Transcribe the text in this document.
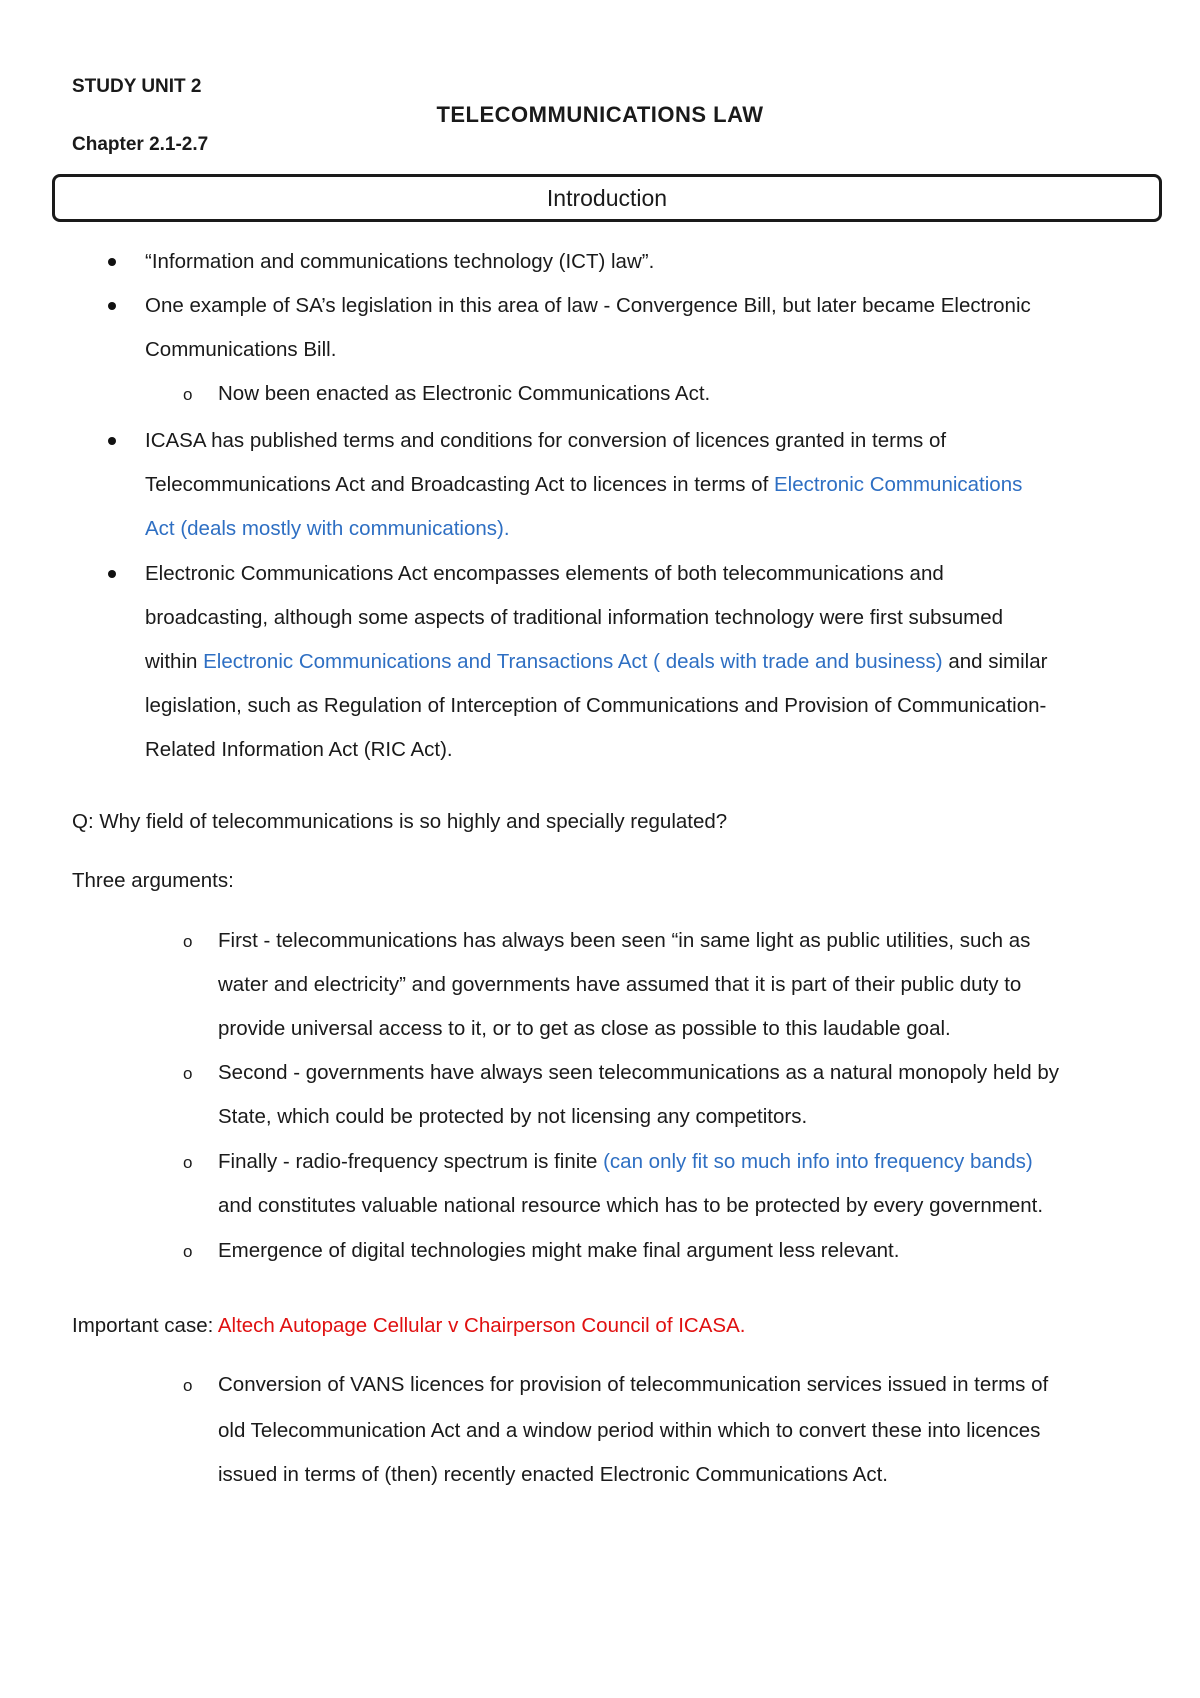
STUDY UNIT 2
TELECOMMUNICATIONS LAW
Chapter 2.1-2.7
Introduction
“Information and communications technology (ICT) law”.
One example of SA’s legislation in this area of law - Convergence Bill, but later became Electronic
Communications Bill.
o Now been enacted as Electronic Communications Act.
ICASA has published terms and conditions for conversion of licences granted in terms of
Telecommunications Act and Broadcasting Act to licences in terms of Electronic Communications
Act (deals mostly with communications).
Electronic Communications Act encompasses elements of both telecommunications and
broadcasting, although some aspects of traditional information technology were first subsumed
within Electronic Communications and Transactions Act ( deals with trade and business) and similar
legislation, such as Regulation of Interception of Communications and Provision of Communication-
Related Information Act (RIC Act).
Q: Why field of telecommunications is so highly and specially regulated?
Three arguments:
o First - telecommunications has always been seen “in same light as public utilities, such as
water and electricity” and governments have assumed that it is part of their public duty to
provide universal access to it, or to get as close as possible to this laudable goal.
o Second - governments have always seen telecommunications as a natural monopoly held by
State, which could be protected by not licensing any competitors.
o Finally - radio-frequency spectrum is finite (can only fit so much info into frequency bands)
and constitutes valuable national resource which has to be protected by every government.
o Emergence of digital technologies might make final argument less relevant.
Important case: Altech Autopage Cellular v Chairperson Council of ICASA.
o Conversion of VANS licences for provision of telecommunication services issued in terms of
old Telecommunication Act and a window period within which to convert these into licences
issued in terms of (then) recently enacted Electronic Communications Act.
